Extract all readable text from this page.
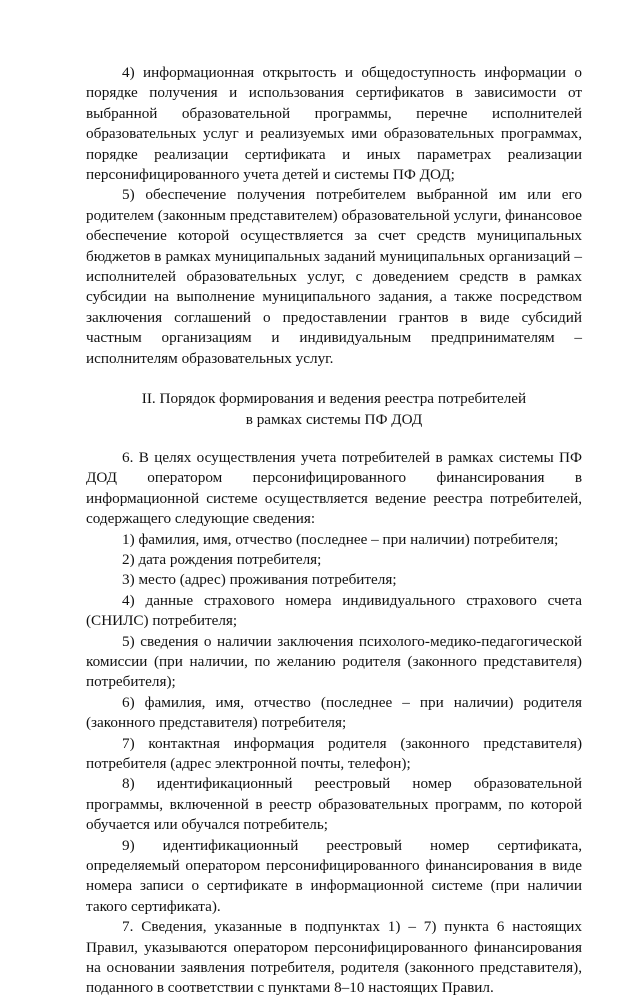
4) информационная открытость и общедоступность информации о порядке получения и использования сертификатов в зависимости от выбранной образовательной программы, перечне исполнителей образовательных услуг и реализуемых ими образовательных программах, порядке реализации сертификата и иных параметрах реализации персонифицированного учета детей и системы ПФ ДОД;

5) обеспечение получения потребителем выбранной им или его родителем (законным представителем) образовательной услуги, финансовое обеспечение которой осуществляется за счет средств муниципальных бюджетов в рамках муниципальных заданий муниципальных организаций – исполнителей образовательных услуг, с доведением средств в рамках субсидии на выполнение муниципального задания, а также посредством заключения соглашений о предоставлении грантов в виде субсидий частным организациям и индивидуальным предпринимателям – исполнителям образовательных услуг.

II. Порядок формирования и ведения реестра потребителей

в рамках системы ПФ ДОД

6. В целях осуществления учета потребителей в рамках системы ПФ ДОД оператором персонифицированного финансирования в информационной системе осуществляется ведение реестра потребителей, содержащего следующие сведения:

1) фамилия, имя, отчество (последнее – при наличии) потребителя;

2) дата рождения потребителя;

3) место (адрес) проживания потребителя;

4) данные страхового номера индивидуального страхового счета (СНИЛС) потребителя;

5) сведения о наличии заключения психолого-медико-педагогической комиссии (при наличии, по желанию родителя (законного представителя) потребителя);

6) фамилия, имя, отчество (последнее – при наличии) родителя (законного представителя) потребителя;

7) контактная информация родителя (законного представителя) потребителя (адрес электронной почты, телефон);

8) идентификационный реестровый номер образовательной программы, включенной в реестр образовательных программ, по которой обучается или обучался потребитель;

9) идентификационный реестровый номер сертификата, определяемый оператором персонифицированного финансирования в виде номера записи о сертификате в информационной системе (при наличии такого сертификата).

7. Сведения, указанные в подпунктах 1) – 7) пункта 6 настоящих Правил, указываются оператором персонифицированного финансирования на основании заявления потребителя, родителя (законного представителя), поданного в соответствии с пунктами 8–10 настоящих Правил.
